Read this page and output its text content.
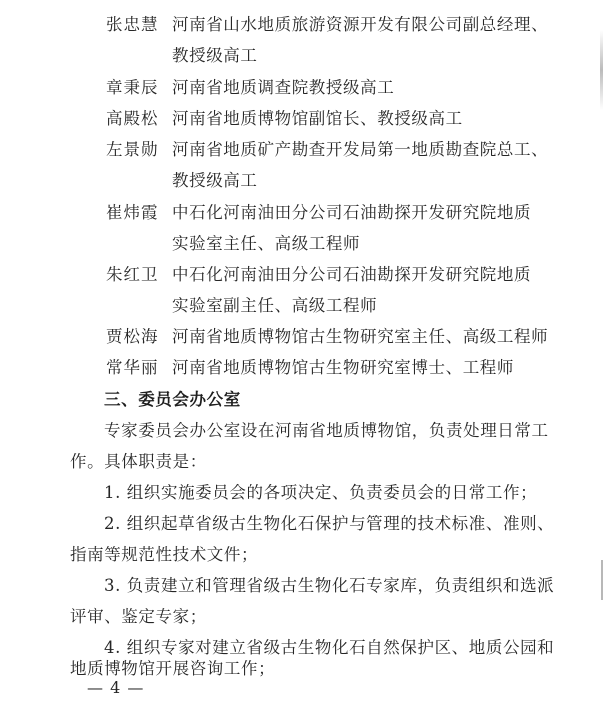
张忠慧 河南省山水地质旅游资源开发有限公司副总经理、
教授级高工
章秉辰 河南省地质调查院教授级高工
高殿松 河南省地质博物馆副馆长、教授级高工
左景勋 河南省地质矿产勘查开发局第一地质勘查院总工、
教授级高工
崔炜霞 中石化河南油田分公司石油勘探开发研究院地质
实验室主任、高级工程师
朱红卫 中石化河南油田分公司石油勘探开发研究院地质
实验室副主任、高级工程师
贾松海 河南省地质博物馆古生物研究室主任、高级工程师
常华丽 河南省地质博物馆古生物研究室博士、工程师
三、委员会办公室
专家委员会办公室设在河南省地质博物馆，负责处理日常工
作。具体职责是：
1. 组织实施委员会的各项决定、负责委员会的日常工作；
2. 组织起草省级古生物化石保护与管理的技术标准、准则、
指南等规范性技术文件；
3. 负责建立和管理省级古生物化石专家库，负责组织和选派
评审、鉴定专家；
4. 组织专家对建立省级古生物化石自然保护区、地质公园和
地质博物馆开展咨询工作；
— 4 —
